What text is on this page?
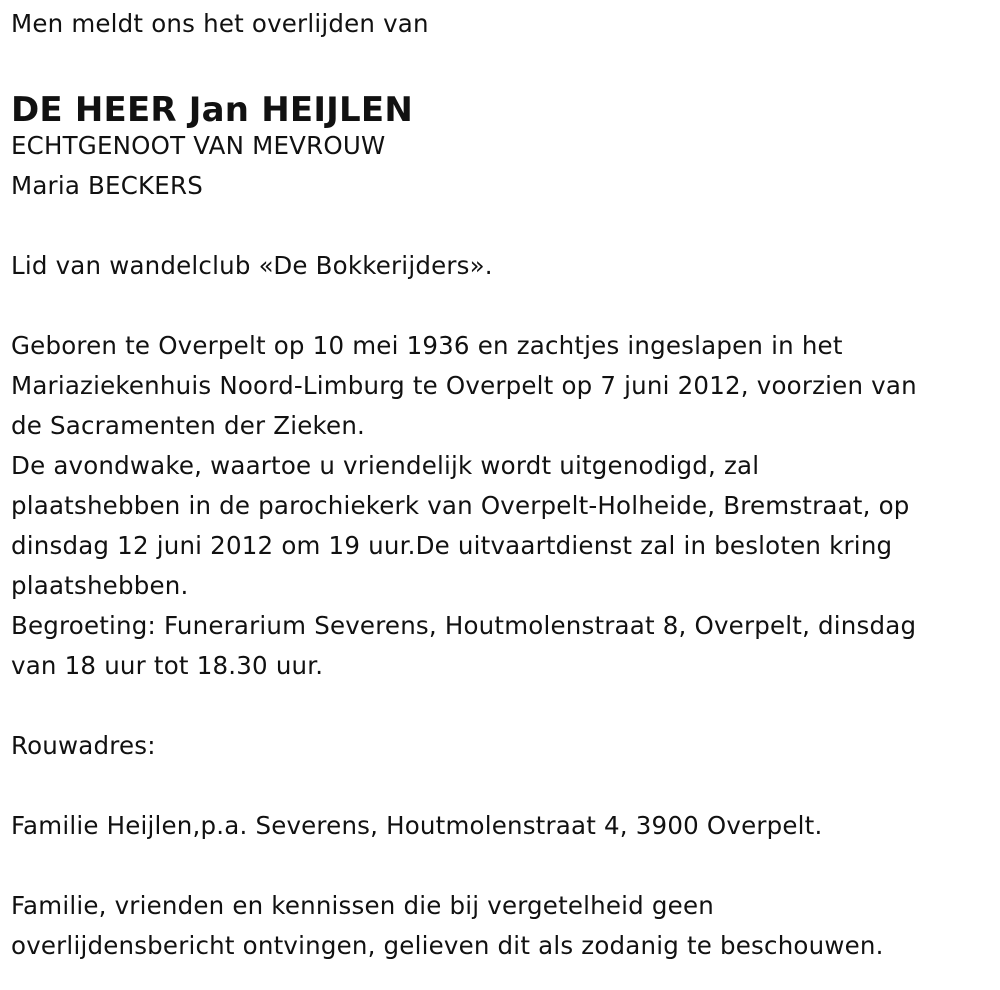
Men meldt ons het overlijden van
DE HEER Jan HEIJLEN
ECHTGENOOT VAN MEVROUW
Maria BECKERS
Lid van wandelclub «De Bokkerijders».
Geboren te Overpelt op 10 mei 1936 en zachtjes ingeslapen in het
Mariaziekenhuis Noord-Limburg te Overpelt op 7 juni 2012, voorzien van
de Sacramenten der Zieken.
De avondwake, waartoe u vriendelijk wordt uitgenodigd, zal
plaatshebben in de parochiekerk van Overpelt-Holheide, Bremstraat, op
dinsdag 12 juni 2012 om 19 uur.De uitvaartdienst zal in besloten kring
plaatshebben.
Begroeting: Funerarium Severens, Houtmolenstraat 8, Overpelt, dinsdag
van 18 uur tot 18.30 uur.
Rouwadres:
Familie Heijlen,p.a. Severens, Houtmolenstraat 4, 3900 Overpelt.
Familie, vrienden en kennissen die bij vergetelheid geen
overlijdensbericht ontvingen, gelieven dit als zodanig te beschouwen.
